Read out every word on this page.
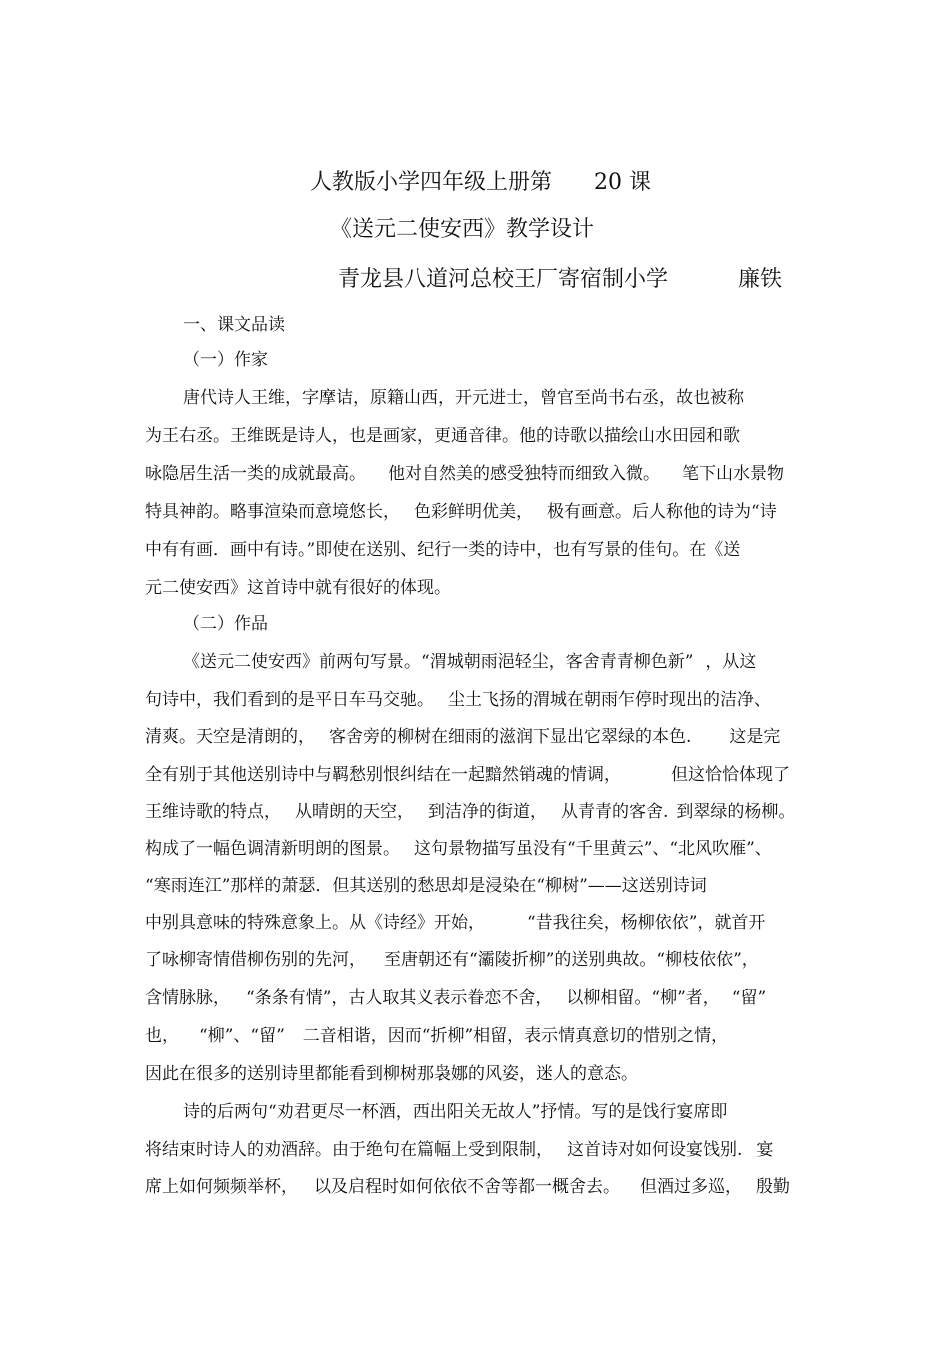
人教版小学四年级上册第 20 课
《送元二使安西》教学设计
青龙县八道河总校王厂寄宿制小学	廉铁
一、课文品读
（一）作家
唐代诗人王维，字摩诘，原籍山西，开元进士，曾官至尚书右丞，故也被称
为王右丞。王维既是诗人，也是画家，更通音律。他的诗歌以描绘山水田园和歌
咏隐居生活一类的成就最高。 他对自然美的感受独特而细致入微。 笔下山水景物
特具神韵。略事渲染而意境悠长， 色彩鲜明优美， 极有画意。后人称他的诗为“诗
中有有画．画中有诗。”即使在送别、纪行一类的诗中，也有写景的佳句。在《送
元二使安西》这首诗中就有很好的体现。
（二）作品
《送元二使安西》前两句写景。“渭城朝雨浥轻尘，客舍青青柳色新” ，从这
句诗中，我们看到的是平日车马交驰。 尘土飞扬的渭城在朝雨乍停时现出的洁净、
清爽。天空是清朗的， 客舍旁的柳树在细雨的滋润下显出它翠绿的本色. 这是完
全有别于其他送别诗中与羁愁别恨纠结在一起黯然销魂的情调，	但这恰恰体现了
王维诗歌的特点， 从晴朗的天空， 到洁净的街道， 从青青的客舍. 到翠绿的杨柳。
构成了一幅色调清新明朗的图景。 这句景物描写虽没有“千里黄云”、“北风吹雁”、
“寒雨连江”那样的萧瑟．但其送别的愁思却是浸染在“柳树”——这送别诗词
中别具意味的特殊意象上。从《诗经》开始， “昔我往矣，杨柳依依”，就首开
了咏柳寄情借柳伤别的先河， 至唐朝还有“灞陵折柳”的送别典故。“柳枝依依”，
含情脉脉， “条条有情”，古人取其义表示眷恋不舍， 以柳相留。“柳”者， “留”
也， “柳”、“留” 二音相谐，因而“折柳”相留，表示情真意切的惜别之情，
因此在很多的送别诗里都能看到柳树那袅娜的风姿，迷人的意态。
诗的后两句“劝君更尽一杯酒，西出阳关无故人”抒情。写的是饯行宴席即
将结束时诗人的劝酒辞。由于绝句在篇幅上受到限制， 这首诗对如何设宴饯别. 宴
席上如何频频举杯， 以及启程时如何依依不舍等都一概舍去。 但酒过多巡， 殷勤
